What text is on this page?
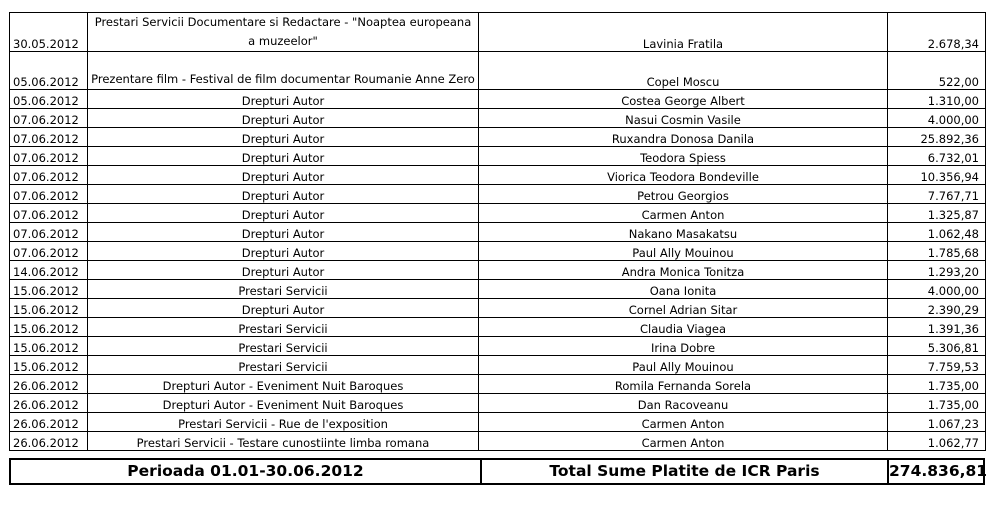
30.05.2012	Prestari Servicii Documentare si Redactare - "Noaptea europeana a muzeelor"	Lavinia Fratila	2.678,34
05.06.2012	Prezentare film - Festival de film documentar Roumanie Anne Zero	Copel Moscu	522,00
05.06.2012	Drepturi Autor	Costea George Albert	1.310,00
07.06.2012	Drepturi Autor	Nasui Cosmin Vasile	4.000,00
07.06.2012	Drepturi Autor	Ruxandra Donosa Danila	25.892,36
07.06.2012	Drepturi Autor	Teodora Spiess	6.732,01
07.06.2012	Drepturi Autor	Viorica Teodora Bondeville	10.356,94
07.06.2012	Drepturi Autor	Petrou Georgios	7.767,71
07.06.2012	Drepturi Autor	Carmen Anton	1.325,87
07.06.2012	Drepturi Autor	Nakano Masakatsu	1.062,48
07.06.2012	Drepturi Autor	Paul Ally Mouinou	1.785,68
14.06.2012	Drepturi Autor	Andra Monica Tonitza	1.293,20
15.06.2012	Prestari Servicii	Oana Ionita	4.000,00
15.06.2012	Drepturi Autor	Cornel Adrian Sitar	2.390,29
15.06.2012	Prestari Servicii	Claudia Viagea	1.391,36
15.06.2012	Prestari Servicii	Irina Dobre	5.306,81
15.06.2012	Prestari Servicii	Paul Ally Mouinou	7.759,53
26.06.2012	Drepturi Autor - Eveniment Nuit Baroques	Romila Fernanda Sorela	1.735,00
26.06.2012	Drepturi Autor - Eveniment Nuit Baroques	Dan Racoveanu	1.735,00
26.06.2012	Prestari Servicii - Rue de l'exposition	Carmen Anton	1.067,23
26.06.2012	Prestari Servicii - Testare cunostiinte limba romana	Carmen Anton	1.062,77
Perioada 01.01-30.06.2012	Total Sume Platite de ICR Paris	274.836,81
